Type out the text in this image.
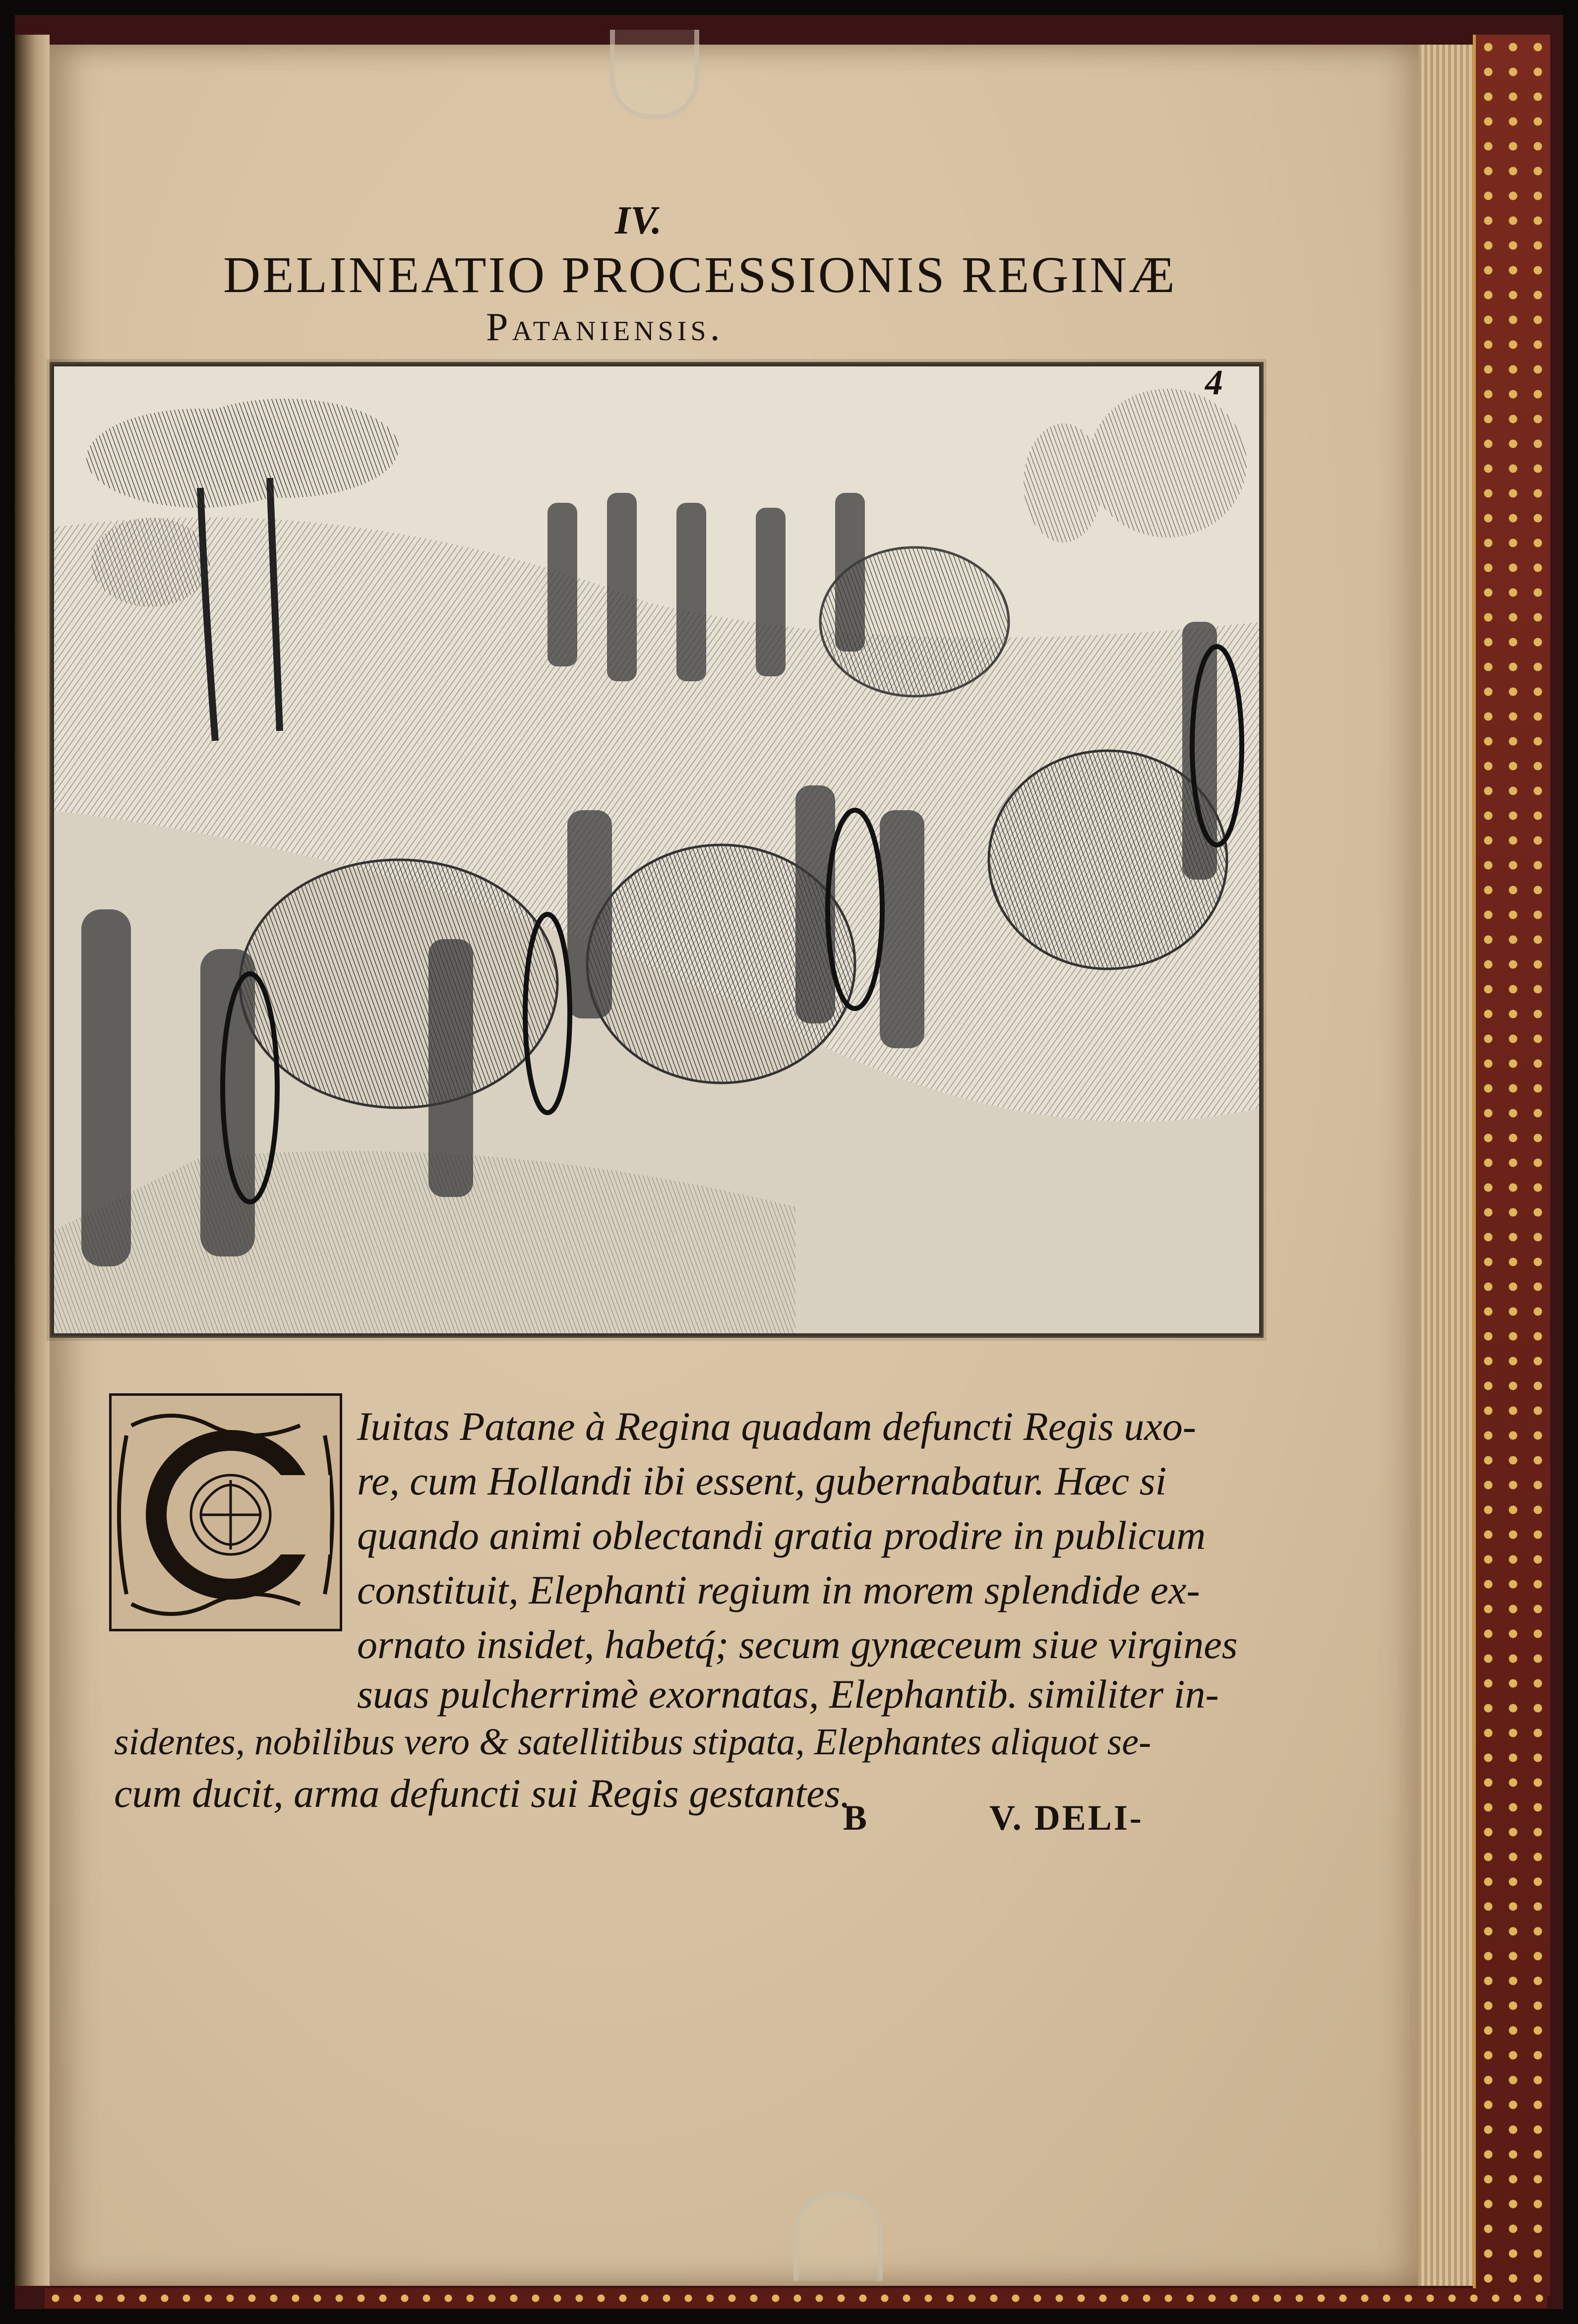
IV.
DELINEATIO PROCESSIONIS REGINÆ
Pataniensis.
4
Iuitas Patane à Regina quadam defuncti Regis uxo-
re, cum Hollandi ibi essent, gubernabatur. Hæc si
quando animi oblectandi gratia prodire in publicum
constituit, Elephanti regium in morem splendide ex-
ornato insidet, habetq́; secum gynæceum siue virgines
suas pulcherrimè exornatas, Elephantib. similiter in-
sidentes, nobilibus vero & satellitibus stipata, Elephantes aliquot se-
cum ducit, arma defuncti sui Regis gestantes.
B	V. DELI-
